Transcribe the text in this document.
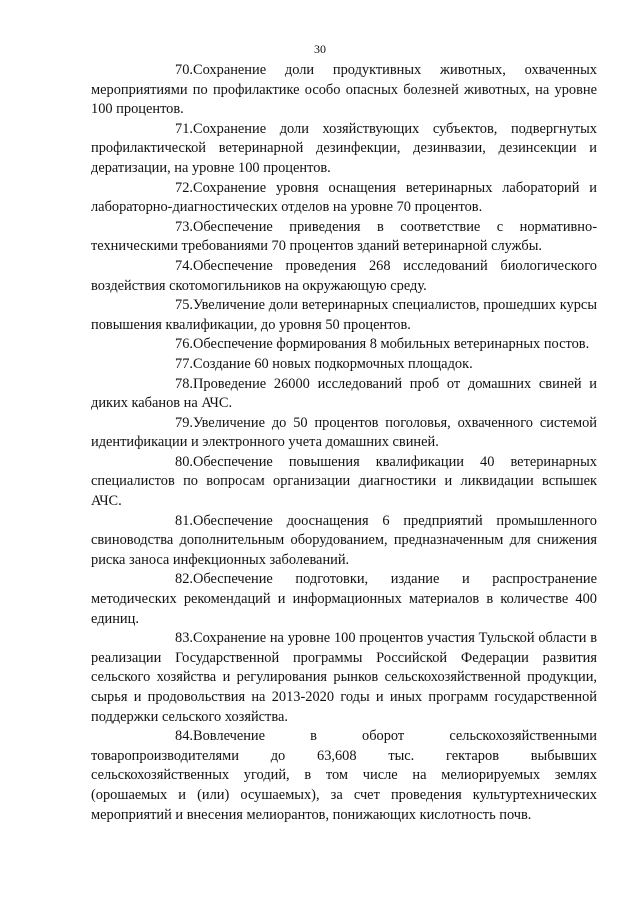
30

70.Сохранение доли продуктивных животных, охваченных мероприятиями по профилактике особо опасных болезней животных, на уровне 100 процентов.

71.Сохранение доли хозяйствующих субъектов, подвергнутых профилактической ветеринарной дезинфекции, дезинвазии, дезинсекции и дератизации, на уровне 100 процентов.

72.Сохранение уровня оснащения ветеринарных лабораторий и лабораторно-диагностических отделов на уровне 70 процентов.

73.Обеспечение приведения в соответствие с нормативно-техническими требованиями 70 процентов зданий ветеринарной службы.

74.Обеспечение проведения 268 исследований биологического воздействия скотомогильников на окружающую среду.

75.Увеличение доли ветеринарных специалистов, прошедших курсы повышения квалификации, до уровня 50 процентов.

76.Обеспечение формирования 8 мобильных ветеринарных постов.

77.Создание 60 новых подкормочных площадок.

78.Проведение 26000 исследований проб от домашних свиней и диких кабанов на АЧС.

79.Увеличение до 50 процентов поголовья, охваченного системой идентификации и электронного учета домашних свиней.

80.Обеспечение повышения квалификации 40 ветеринарных специалистов по вопросам организации диагностики и ликвидации вспышек АЧС.

81.Обеспечение дооснащения 6 предприятий промышленного свиноводства дополнительным оборудованием, предназначенным для снижения риска заноса инфекционных заболеваний.

82.Обеспечение подготовки, издание и распространение методических рекомендаций и информационных материалов в количестве 400 единиц.

83.Сохранение на уровне 100 процентов участия Тульской области в реализации Государственной программы Российской Федерации развития сельского хозяйства и регулирования рынков сельскохозяйственной продукции, сырья и продовольствия на 2013-2020 годы и иных программ государственной поддержки сельского хозяйства.

84.Вовлечение в оборот сельскохозяйственными товаропроизводителями до 63,608 тыс. гектаров выбывших сельскохозяйственных угодий, в том числе на мелиорируемых землях (орошаемых и (или) осушаемых), за счет проведения культуртехнических мероприятий и внесения мелиорантов, понижающих кислотность почв.
